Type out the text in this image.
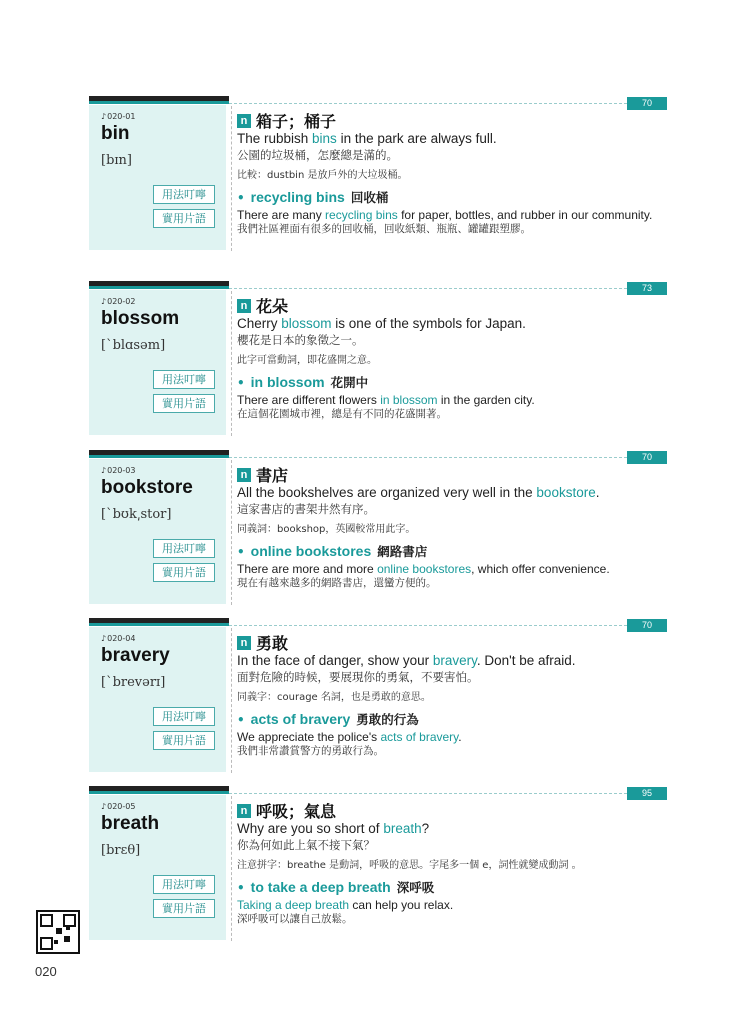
70
♪020-01
bin
[bɪn]
用法叮嚀
實用片語
n 箱子；桶子
The rubbish bins in the park are always full.
公園的垃圾桶，怎麼總是滿的。
比較：dustbin 是放戶外的大垃圾桶。
• recycling bins 回收桶
There are many recycling bins for paper, bottles, and rubber in our community.
我們社區裡面有很多的回收桶，回收紙類、瓶瓶、罐罐跟塑膠。
73
♪020-02
blossom
[`blɑsəm]
用法叮嚀
實用片語
n 花朵
Cherry blossom is one of the symbols for Japan.
櫻花是日本的象徵之一。
此字可當動詞，即花盛開之意。
• in blossom 花開中
There are different flowers in blossom in the garden city.
在這個花園城市裡，總是有不同的花盛開著。
70
♪020-03
bookstore
[`bʊk͵stor]
用法叮嚀
實用片語
n 書店
All the bookshelves are organized very well in the bookstore.
這家書店的書架井然有序。
同義詞：bookshop，英國較常用此字。
• online bookstores 網路書店
There are more and more online bookstores, which offer convenience.
現在有越來越多的網路書店，還蠻方便的。
70
♪020-04
bravery
[`brevərɪ]
用法叮嚀
實用片語
n 勇敢
In the face of danger, show your bravery. Don't be afraid.
面對危險的時候，要展現你的勇氣，不要害怕。
同義字：courage 名詞，也是勇敢的意思。
• acts of bravery 勇敢的行為
We appreciate the police's acts of bravery.
我們非常讚賞警方的勇敢行為。
95
♪020-05
breath
[brɛθ]
用法叮嚀
實用片語
n 呼吸；氣息
Why are you so short of breath?
你為何如此上氣不接下氣？
注意拼字：breathe 是動詞，呼吸的意思。字尾多一個 e，詞性就變成動詞 。
• to take a deep breath 深呼吸
Taking a deep breath can help you relax.
深呼吸可以讓自己放鬆。
020
